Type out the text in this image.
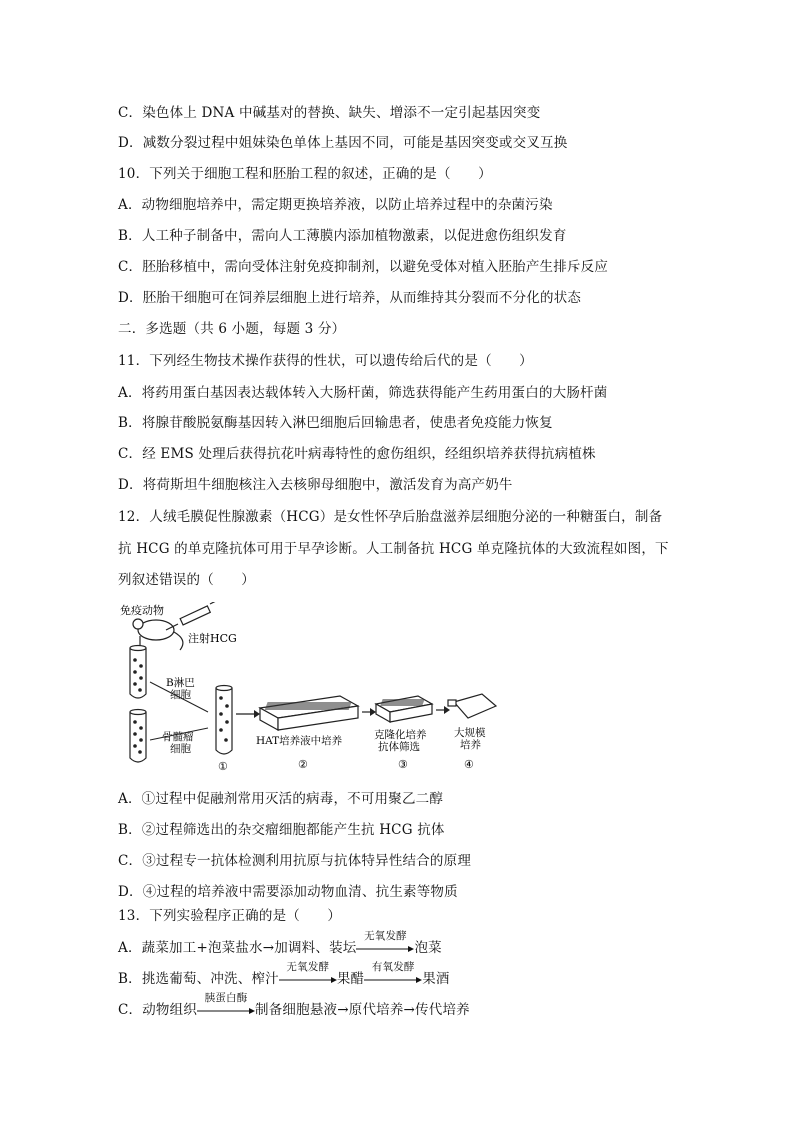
C．染色体上 DNA 中碱基对的替换、缺失、增添不一定引起基因突变
D．减数分裂过程中姐妹染色单体上基因不同，可能是基因突变或交叉互换
10．下列关于细胞工程和胚胎工程的叙述，正确的是（　　）
A．动物细胞培养中，需定期更换培养液，以防止培养过程中的杂菌污染
B．人工种子制备中，需向人工薄膜内添加植物激素，以促进愈伤组织发育
C．胚胎移植中，需向受体注射免疫抑制剂，以避免受体对植入胚胎产生排斥反应
D．胚胎干细胞可在饲养层细胞上进行培养，从而维持其分裂而不分化的状态
二．多选题（共 6 小题，每题 3 分）
11．下列经生物技术操作获得的性状，可以遗传给后代的是（　　）
A．将药用蛋白基因表达载体转入大肠杆菌，筛选获得能产生药用蛋白的大肠杆菌
B．将腺苷酸脱氨酶基因转入淋巴细胞后回输患者，使患者免疫能力恢复
C．经 EMS 处理后获得抗花叶病毒特性的愈伤组织，经组织培养获得抗病植株
D．将荷斯坦牛细胞核注入去核卵母细胞中，激活发育为高产奶牛
12．人绒毛膜促性腺激素（HCG）是女性怀孕后胎盘滋养层细胞分泌的一种糖蛋白，制备
抗 HCG 的单克隆抗体可用于早孕诊断。人工制备抗 HCG 单克隆抗体的大致流程如图，下
列叙述错误的（　　）
免疫动物
注射HCG
B淋巴
细胞
骨髓瘤
细胞
①
HAT培养液中培养
②
克隆化培养
抗体筛选
③
大规模
培养
④
A．①过程中促融剂常用灭活的病毒，不可用聚乙二醇
B．②过程筛选出的杂交瘤细胞都能产生抗 HCG 抗体
C．③过程专一抗体检测利用抗原与抗体特异性结合的原理
D．④过程的培养液中需要添加动物血清、抗生素等物质
13．下列实验程序正确的是（　　）
A．蔬菜加工+泡菜盐水→加调料、装坛
无氧发酵
泡菜
B．挑选葡萄、冲洗、榨汁
无氧发酵
果醋
有氧发酵
果酒
C．动物组织
胰蛋白酶
制备细胞悬液→原代培养→传代培养
